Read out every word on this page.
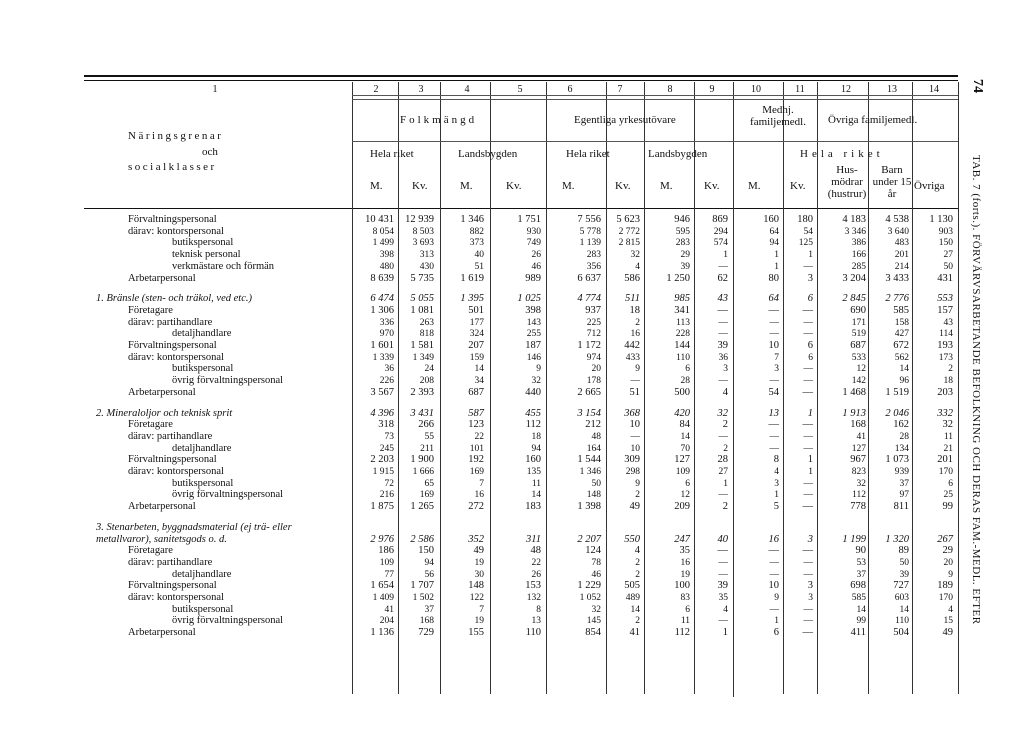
Näringsgrenar
och
socialklasser
Folkmängd	Egentliga yrkesutövare
Medhj. familjemedl.	Övriga familjemedl.
Hela riket	Landsbygden	Hela riket	Landsbygden	Hela riket
Hus-mödrar (hustrur)
Barn under 15 år
Övriga
M.	Kv.	M.	Kv.	M.	Kv.	M.	Kv.	M.	Kv.
1	2	3	4	5	6	7	8	9	10	11	12	13	14
Förvaltningspersonal	10 431	12 939	1 346	1 751	7 556	5 623	946	869	160	180	4 183	4 538	1 130
därav: kontorspersonal	8 054	8 503	882	930	5 778	2 772	595	294	64	54	3 346	3 640	903
butikspersonal	1 499	3 693	373	749	1 139	2 815	283	574	94	125	386	483	150
teknisk personal	398	313	40	26	283	32	29	1	1	1	166	201	27
verkmästare och förmän	480	430	51	46	356	4	39	—	1	—	285	214	50
Arbetarpersonal	8 639	5 735	1 619	989	6 637	586	1 250	62	80	3	3 204	3 433	431
1. Bränsle (sten- och träkol, ved etc.)	6 474	5 055	1 395	1 025	4 774	511	985	43	64	6	2 845	2 776	553
Företagare	1 306	1 081	501	398	937	18	341	—	—	—	690	585	157
därav: partihandlare	336	263	177	143	225	2	113	—	—	—	171	158	43
detaljhandlare	970	818	324	255	712	16	228	—	—	—	519	427	114
Förvaltningspersonal	1 601	1 581	207	187	1 172	442	144	39	10	6	687	672	193
därav: kontorspersonal	1 339	1 349	159	146	974	433	110	36	7	6	533	562	173
butikspersonal	36	24	14	9	20	9	6	3	3	—	12	14	2
övrig förvaltningspersonal	226	208	34	32	178	—	28	—	—	—	142	96	18
Arbetarpersonal	3 567	2 393	687	440	2 665	51	500	4	54	—	1 468	1 519	203
2. Mineraloljor och teknisk sprit	4 396	3 431	587	455	3 154	368	420	32	13	1	1 913	2 046	332
Företagare	318	266	123	112	212	10	84	2	—	—	168	162	32
därav: partihandlare	73	55	22	18	48	—	14	—	—	—	41	28	11
detaljhandlare	245	211	101	94	164	10	70	2	—	—	127	134	21
Förvaltningspersonal	2 203	1 900	192	160	1 544	309	127	28	8	1	967	1 073	201
därav: kontorspersonal	1 915	1 666	169	135	1 346	298	109	27	4	1	823	939	170
butikspersonal	72	65	7	11	50	9	6	1	3	—	32	37	6
övrig förvaltningspersonal	216	169	16	14	148	2	12	—	1	—	112	97	25
Arbetarpersonal	1 875	1 265	272	183	1 398	49	209	2	5	—	778	811	99
3. Stenarbeten, byggnadsmaterial (ej trä- eller
metallvaror), sanitetsgods o. d.	2 976	2 586	352	311	2 207	550	247	40	16	3	1 199	1 320	267
Företagare	186	150	49	48	124	4	35	—	—	—	90	89	29
därav: partihandlare	109	94	19	22	78	2	16	—	—	—	53	50	20
detaljhandlare	77	56	30	26	46	2	19	—	—	—	37	39	9
Förvaltningspersonal	1 654	1 707	148	153	1 229	505	100	39	10	3	698	727	189
därav: kontorspersonal	1 409	1 502	122	132	1 052	489	83	35	9	3	585	603	170
butikspersonal	41	37	7	8	32	14	6	4	—	—	14	14	4
övrig förvaltningspersonal	204	168	19	13	145	2	11	—	1	—	99	110	15
Arbetarpersonal	1 136	729	155	110	854	41	112	1	6	—	411	504	49
74
TAB. 7 (forts.). FÖRVÄRVSARBETANDE BEFOLKNING OCH DERAS FAM.-MEDL. EFTER
